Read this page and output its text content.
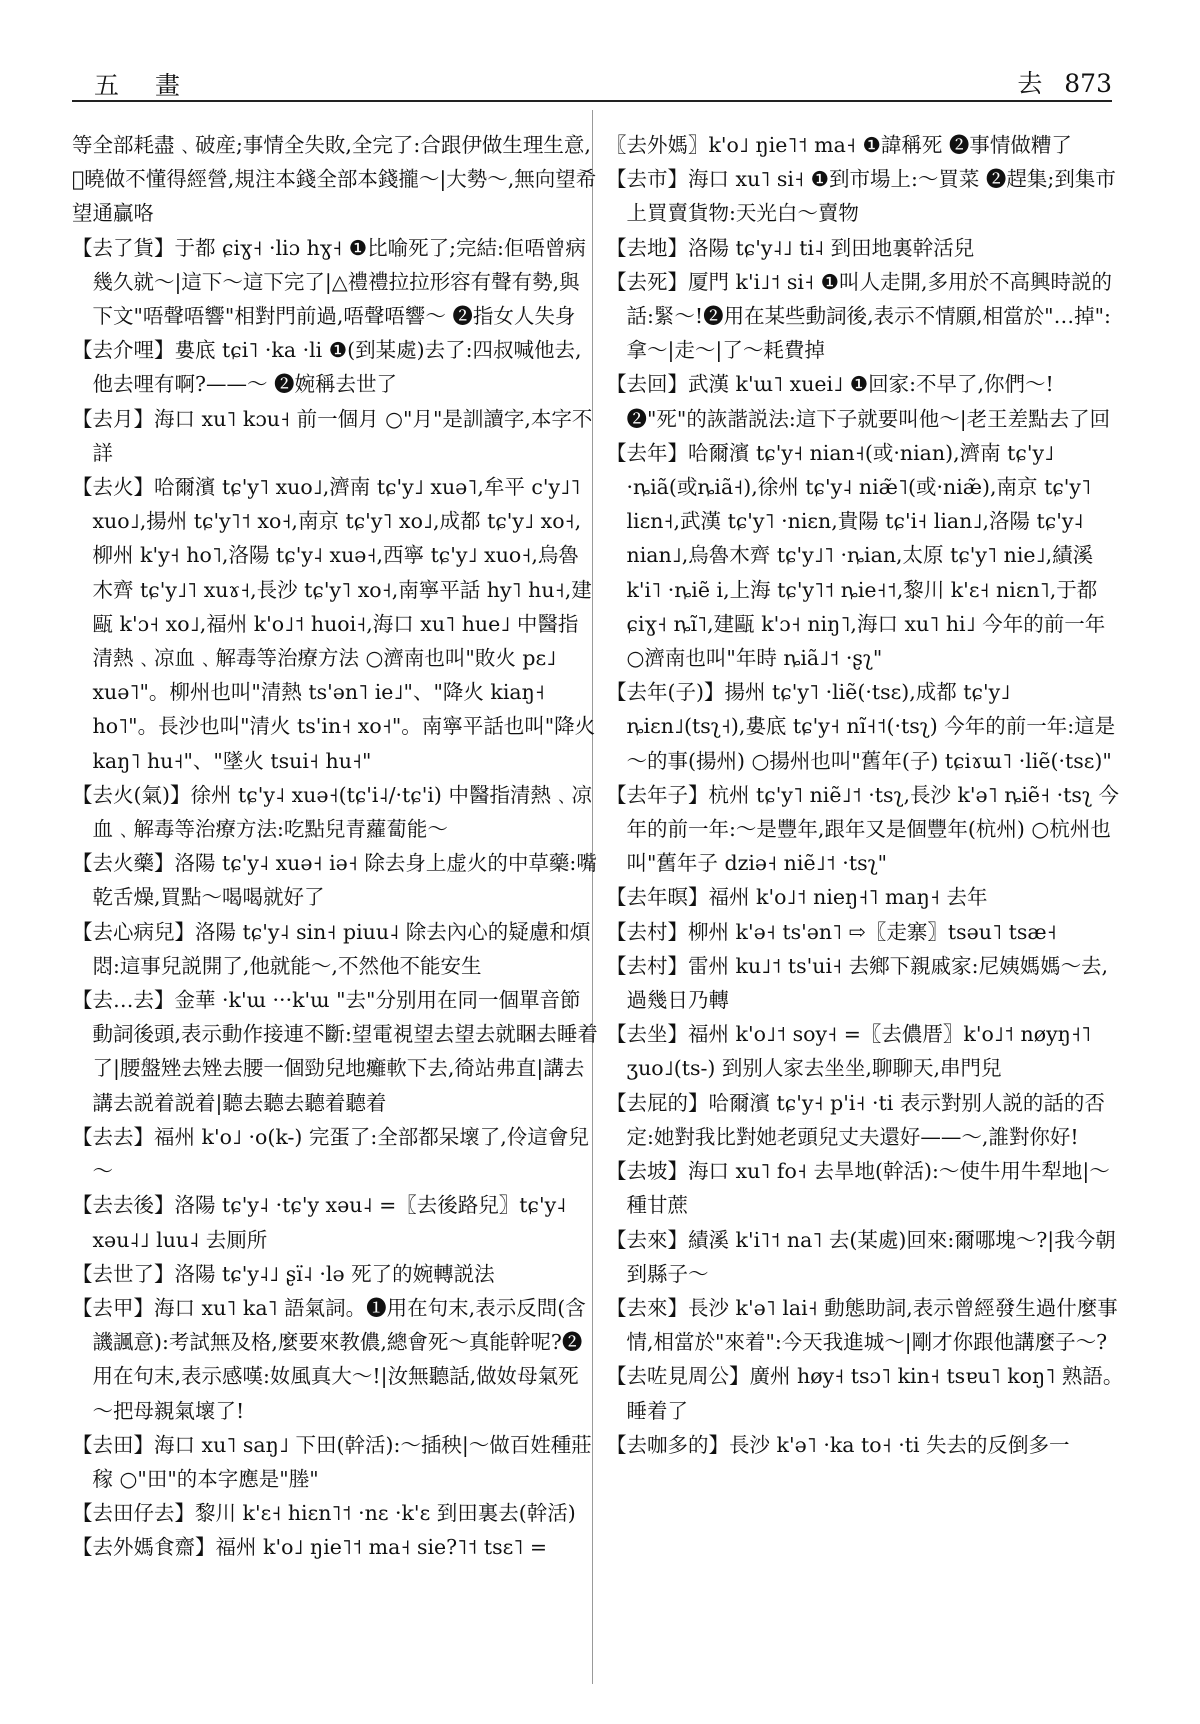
五 畫	去 873

等全部耗盡﹑破産;事情全失敗,全完了:合跟伊做生理生意,𫃬曉做不懂得經營,規注本錢全部本錢攏～|大勢～,無向望希望通贏咯

【去了貨】于都 ɕiɣ˧ ·liɔ hɣ˧ ❶比喻死了;完結:佢唔曾病幾久就～|這下～這下完了|△禮禮拉拉形容有聲有勢,與下文"唔聲唔響"相對門前過,唔聲唔響～ ❷指女人失身

【去介哩】婁底 tɕi˥ ·ka ·li ❶(到某處)去了:四叔喊他去,他去哩有啊?——～ ❷婉稱去世了

【去月】海口 xu˥ kɔu˧ 前一個月 ○"月"是訓讀字,本字不詳

【去火】哈爾濱 tɕ'y˥ xuo˩,濟南 tɕ'y˩ xuə˥,牟平 c'y˩˥ xuo˩,揚州 tɕ'y˥˦ xo˧,南京 tɕ'y˥ xo˩,成都 tɕ'y˩ xo˧,柳州 k'y˧ ho˥,洛陽 tɕ'y˨ xuə˧,西寧 tɕ'y˩ xuo˧,烏魯木齊 tɕ'y˩˥ xuɤ˧,長沙 tɕ'y˥ xo˧,南寧平話 hy˥ hu˧,建甌 k'ɔ˧ xo˩,福州 k'o˩˦ huoi˧,海口 xu˥ hue˩ 中醫指清熱﹑凉血﹑解毒等治療方法 ○濟南也叫"敗火 pɛ˩ xuə˥"。柳州也叫"清熱 ts'ən˥ ie˩"、"降火 kiaŋ˧ ho˥"。長沙也叫"清火 ts'in˧ xo˧"。南寧平話也叫"降火 kaŋ˥ hu˧"、"墜火 tsui˧ hu˧"

【去火(氣)】徐州 tɕ'y˨ xuə˧(tɕ'i˨/·tɕ'i) 中醫指清熱﹑凉血﹑解毒等治療方法:吃點兒青蘿蔔能～

【去火藥】洛陽 tɕ'y˨ xuə˧ iə˧ 除去身上虚火的中草藥:嘴乾舌燥,買點～喝喝就好了

【去心病兒】洛陽 tɕ'y˨ sin˧ piuu˨ 除去內心的疑慮和煩悶:這事兒説開了,他就能～,不然他不能安生

【去…去】金華 ·k'ɯ ···k'ɯ "去"分别用在同一個單音節動詞後頭,表示動作接連不斷:望電視望去望去就睏去睡着了|腰盤矬去矬去腰一個勁兒地癱軟下去,徛站弗直|講去講去説着説着|聽去聽去聽着聽着

【去去】福州 k'o˩ ·o(k-) 完蛋了:全部都呆壞了,伶這會兒～

【去去後】洛陽 tɕ'y˨ ·tɕ'y xəu˨ =〖去後路兒〗tɕ'y˨ xəu˨˩ luu˨ 去厠所

【去世了】洛陽 tɕ'y˨˩ ʂï˨ ·lə 死了的婉轉説法

【去甲】海口 xu˥ ka˥ 語氣詞。❶用在句末,表示反問(含譏諷意):考試無及格,麼要來教儂,總會死～真能幹呢?❷用在句末,表示感嘆:奻風真大～!|汝無聽話,做奻母氣死～把母親氣壞了!

【去田】海口 xu˥ saŋ˩ 下田(幹活):～插秧|～做百姓種莊稼 ○"田"的本字應是"塍"

【去田仔去】黎川 k'ɛ˧ hiɛn˥˦ ·nɛ ·k'ɛ 到田裏去(幹活)

【去外媽食齋】福州 k'o˩ ŋie˥˦ ma˧ sie?˥˦ tsɛ˥ =

〖去外媽〗k'o˩ ŋie˥˦ ma˧ ❶諱稱死 ❷事情做糟了

【去市】海口 xu˥ si˧ ❶到市場上:～買菜 ❷趕集;到集市上買賣貨物:天光白～賣物

【去地】洛陽 tɕ'y˨˩ ti˨ 到田地裏幹活兒

【去死】厦門 k'i˩˦ si˧ ❶叫人走開,多用於不高興時説的話:緊～!❷用在某些動詞後,表示不情願,相當於"…掉":拿～|走～|了～耗費掉

【去回】武漢 k'ɯ˥ xuei˩ ❶回家:不早了,你們～!❷"死"的詼諧説法:這下子就要叫他～|老王差點去了回

【去年】哈爾濱 tɕ'y˧ nian˧(或·nian),濟南 tɕ'y˩ ·ȵiã(或ȵiã˧),徐州 tɕ'y˨ niæ̃˥(或·niæ̃),南京 tɕ'y˥ liɛn˧,武漢 tɕ'y˥ ·niɛn,貴陽 tɕ'i˧ lian˩,洛陽 tɕ'y˨ nian˩,烏魯木齊 tɕ'y˩˥ ·ȵian,太原 tɕ'y˥ nie˩,績溪 k'i˥ ·ȵiẽ i,上海 tɕ'y˥˦ ȵie˧˦,黎川 k'ɛ˧ niɛn˥,于都 ɕiɣ˧ ȵĩ˥,建甌 k'ɔ˧ niŋ˥,海口 xu˥ hi˩ 今年的前一年 ○濟南也叫"年時 ȵiã˩˦ ·ʂʅ"

【去年(子)】揚州 tɕ'y˥ ·liẽ(·tsɛ),成都 tɕ'y˩ ȵiɛn˩(tsʅ˧),婁底 tɕ'y˧ nĩ˧˦(·tsʅ) 今年的前一年:這是～的事(揚州) ○揚州也叫"舊年(子) tɕiɤɯ˥ ·liẽ(·tsɛ)"

【去年子】杭州 tɕ'y˥ niẽ˩˦ ·tsʅ,長沙 k'ə˥ ȵiẽ˧ ·tsʅ 今年的前一年:～是豐年,跟年又是個豐年(杭州) ○杭州也叫"舊年子 dziə˧ niẽ˩˦ ·tsʅ"

【去年暝】福州 k'o˩˦ nieŋ˧˥ maŋ˧ 去年

【去村】柳州 k'ə˧ ts'ən˥ ⇨〖走寨〗tsəu˥ tsæ˧

【去村】雷州 ku˩˦ ts'ui˧ 去鄉下親戚家:尼姨媽媽～去,過幾日乃轉

【去坐】福州 k'o˩˦ soy˧ =〖去儂厝〗k'o˩˦ nøyŋ˧˥ ʒuo˩(ts-) 到别人家去坐坐,聊聊天,串門兒

【去屁的】哈爾濱 tɕ'y˧ p'i˧ ·ti 表示對别人説的話的否定:她對我比對她老頭兒丈夫還好——～,誰對你好!

【去坡】海口 xu˥ fo˧ 去旱地(幹活):～使牛用牛犁地|～種甘蔗

【去來】績溪 k'i˥˦ na˥ 去(某處)回來:爾哪塊～?|我今朝到縣子～

【去來】長沙 k'ə˥ lai˧ 動態助詞,表示曾經發生過什麼事情,相當於"來着":今天我進城～|剛才你跟他講麼子～?

【去咗見周公】廣州 høy˧ tsɔ˥ kin˧ tsɐu˥ koŋ˥ 熟語。睡着了

【去咖多的】長沙 k'ə˥ ·ka to˧ ·ti 失去的反倒多一
